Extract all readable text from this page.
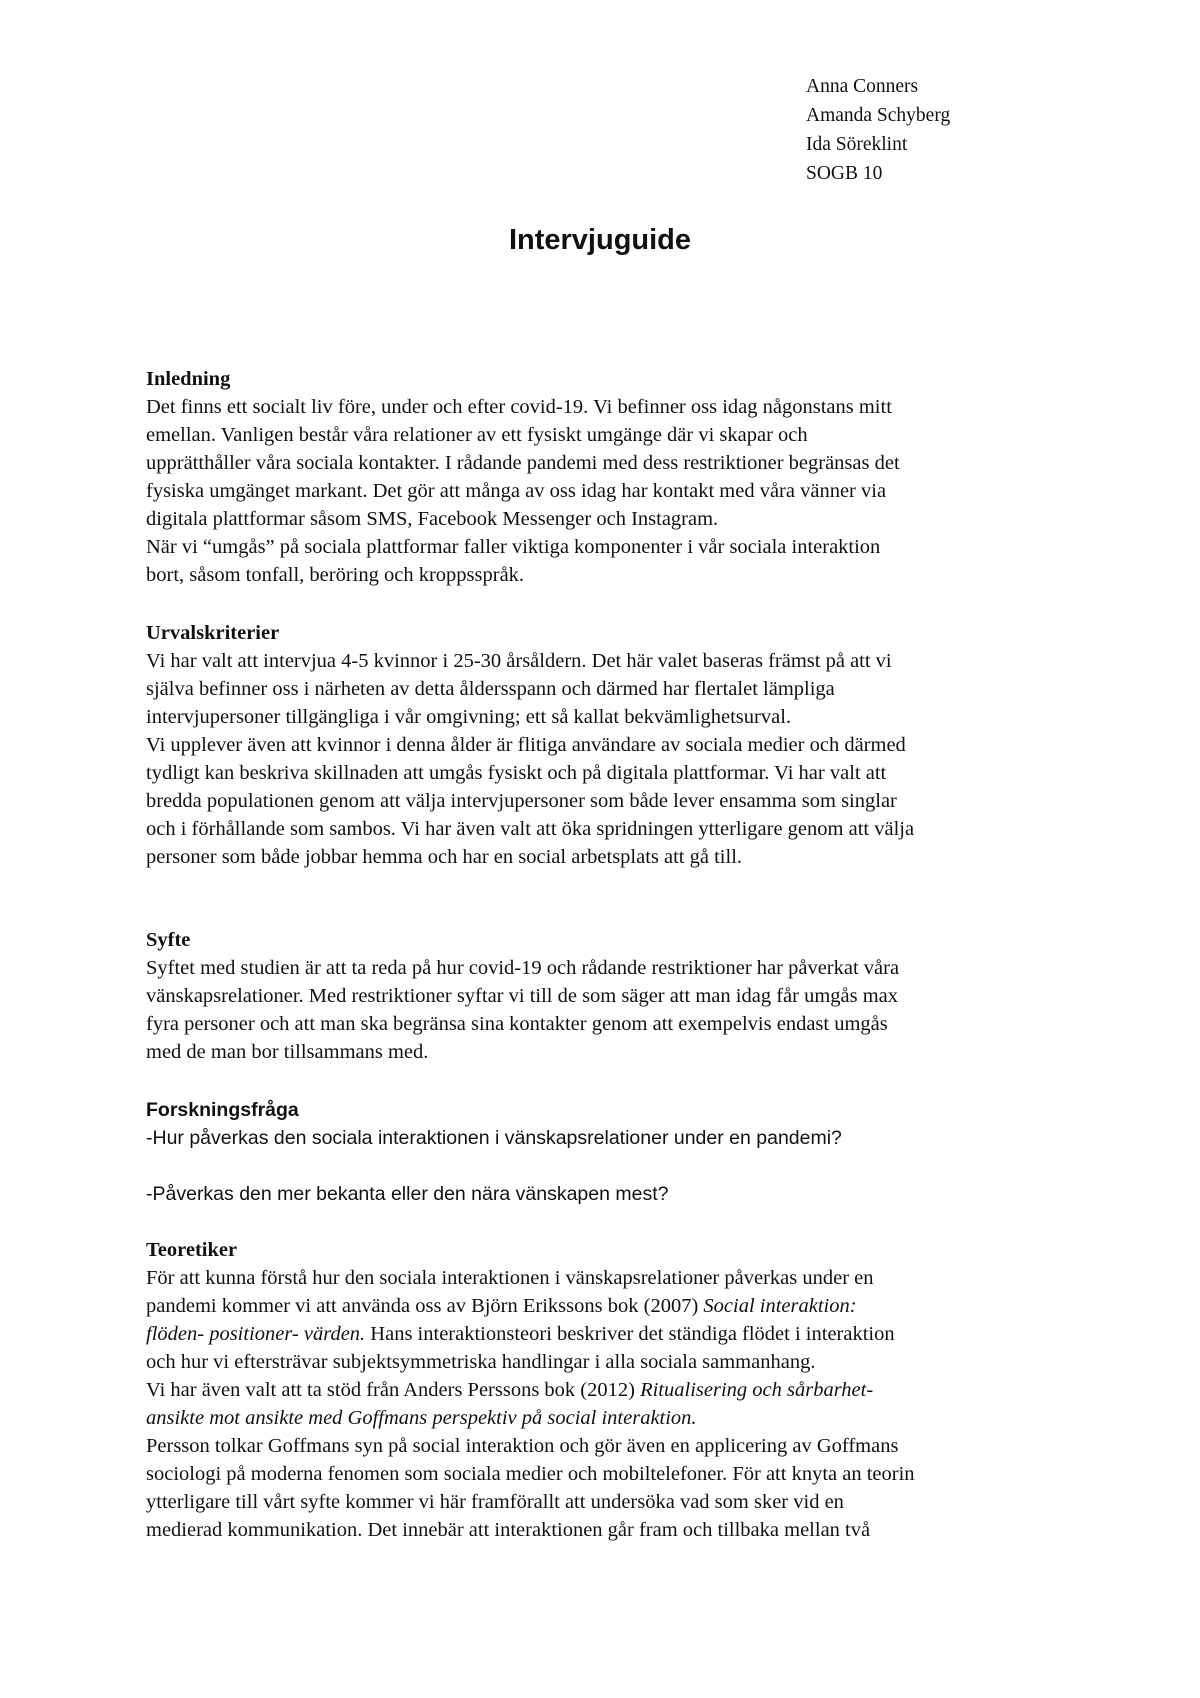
Anna Conners
Amanda Schyberg
Ida Söreklint
SOGB 10
Intervjuguide
Inledning

Det finns ett socialt liv före, under och efter covid-19. Vi befinner oss idag någonstans mitt
emellan. Vanligen består våra relationer av ett fysiskt umgänge där vi skapar och
upprätthåller våra sociala kontakter. I rådande pandemi med dess restriktioner begränsas det
fysiska umgänget markant. Det gör att många av oss idag har kontakt med våra vänner via
digitala plattformar såsom SMS, Facebook Messenger och Instagram.
När vi “umgås” på sociala plattformar faller viktiga komponenter i vår sociala interaktion
bort, såsom tonfall, beröring och kroppsspråk.

Urvalskriterier

Vi har valt att intervjua 4-5 kvinnor i 25-30 årsåldern. Det här valet baseras främst på att vi
själva befinner oss i närheten av detta åldersspann och därmed har flertalet lämpliga
intervjupersoner tillgängliga i vår omgivning; ett så kallat bekvämlighetsurval.
Vi upplever även att kvinnor i denna ålder är flitiga användare av sociala medier och därmed
tydligt kan beskriva skillnaden att umgås fysiskt och på digitala plattformar. Vi har valt att
bredda populationen genom att välja intervjupersoner som både lever ensamma som singlar
och i förhållande som sambos. Vi har även valt att öka spridningen ytterligare genom att välja
personer som både jobbar hemma och har en social arbetsplats att gå till.

Syfte

Syftet med studien är att ta reda på hur covid-19 och rådande restriktioner har påverkat våra
vänskapsrelationer. Med restriktioner syftar vi till de som säger att man idag får umgås max
fyra personer och att man ska begränsa sina kontakter genom att exempelvis endast umgås
med de man bor tillsammans med.

Forskningsfråga

-Hur påverkas den sociala interaktionen i vänskapsrelationer under en pandemi?

-Påverkas den mer bekanta eller den nära vänskapen mest?

Teoretiker

För att kunna förstå hur den sociala interaktionen i vänskapsrelationer påverkas under en
pandemi kommer vi att använda oss av Björn Erikssons bok (2007) Social interaktion:
flöden- positioner- värden. Hans interaktionsteori beskriver det ständiga flödet i interaktion
och hur vi eftersträvar subjektsymmetriska handlingar i alla sociala sammanhang.
Vi har även valt att ta stöd från Anders Perssons bok (2012) Ritualisering och sårbarhet-
ansikte mot ansikte med Goffmans perspektiv på social interaktion.
Persson tolkar Goffmans syn på social interaktion och gör även en applicering av Goffmans
sociologi på moderna fenomen som sociala medier och mobiltelefoner. För att knyta an teorin
ytterligare till vårt syfte kommer vi här framförallt att undersöka vad som sker vid en
medierad kommunikation. Det innebär att interaktionen går fram och tillbaka mellan två
